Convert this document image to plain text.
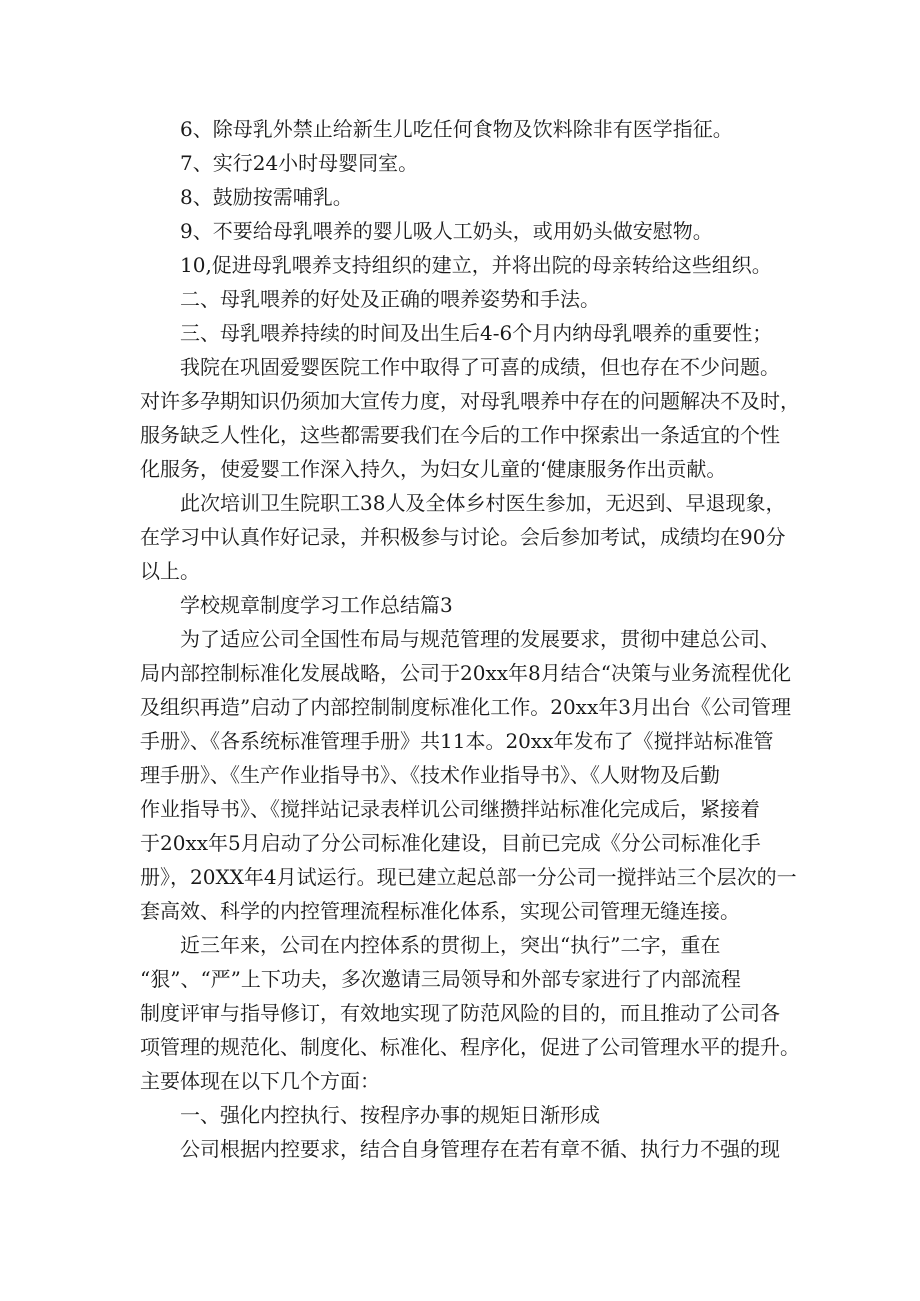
6、除母乳外禁止给新生儿吃任何食物及饮料除非有医学指征。
7、实行24小时母婴同室。
8、鼓励按需哺乳。
9、不要给母乳喂养的婴儿吸人工奶头，或用奶头做安慰物。
10,促进母乳喂养支持组织的建立，并将出院的母亲转给这些组织。
二、母乳喂养的好处及正确的喂养姿势和手法。
三、母乳喂养持续的时间及出生后4-6个月内纳母乳喂养的重要性；
我院在巩固爱婴医院工作中取得了可喜的成绩，但也存在不少问题。
对许多孕期知识仍须加大宣传力度，对母乳喂养中存在的问题解决不及时，
服务缺乏人性化，这些都需要我们在今后的工作中探索出一条适宜的个性
化服务，使爱婴工作深入持久，为妇女儿童的‘健康服务作出贡献。
此次培训卫生院职工38人及全体乡村医生参加，无迟到、早退现象，
在学习中认真作好记录，并积极参与讨论。会后参加考试，成绩均在90分
以上。
学校规章制度学习工作总结篇3
为了适应公司全国性布局与规范管理的发展要求，贯彻中建总公司、
局内部控制标准化发展战略，公司于20xx年8月结合“决策与业务流程优化
及组织再造”启动了内部控制制度标准化工作。20xx年3月出台《公司管理
手册》、《各系统标准管理手册》共11本。20xx年发布了《搅拌站标准管
理手册》、《生产作业指导书》、《技术作业指导书》、《人财物及后勤
作业指导书》、《搅拌站记录表样讥公司继攒拌站标准化完成后，紧接着
于20xx年5月启动了分公司标准化建设，目前已完成《分公司标准化手
册》，20XX年4月试运行。现已建立起总部一分公司一搅拌站三个层次的一
套高效、科学的内控管理流程标准化体系，实现公司管理无缝连接。
近三年来，公司在内控体系的贯彻上，突出“执行”二字，重在
“狠”、“严”上下功夫，多次邀请三局领导和外部专家进行了内部流程
制度评审与指导修订，有效地实现了防范风险的目的，而且推动了公司各
项管理的规范化、制度化、标准化、程序化，促进了公司管理水平的提升。
主要体现在以下几个方面：
一、强化内控执行、按程序办事的规矩日渐形成
公司根据内控要求，结合自身管理存在若有章不循、执行力不强的现
